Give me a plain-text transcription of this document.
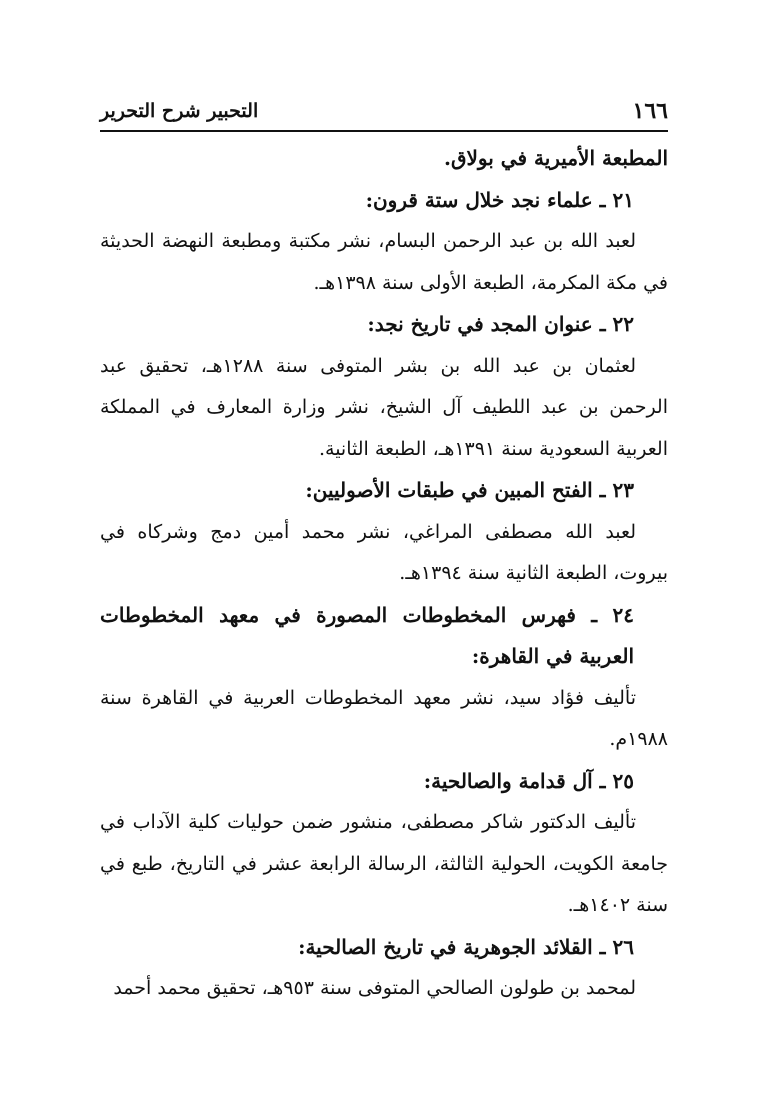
١٦٦
التحبير شرح التحرير

المطبعة الأميرية في بولاق.

٢١ ـ علماء نجد خلال ستة قرون:

لعبد الله بن عبد الرحمن البسام، نشر مكتبة ومطبعة النهضة الحديثة في مكة المكرمة، الطبعة الأولى سنة ١٣٩٨هـ.

٢٢ ـ عنوان المجد في تاريخ نجد:

لعثمان بن عبد الله بن بشر المتوفى سنة ١٢٨٨هـ، تحقيق عبد الرحمن بن عبد اللطيف آل الشيخ، نشر وزارة المعارف في المملكة العربية السعودية سنة ١٣٩١هـ، الطبعة الثانية.

٢٣ ـ الفتح المبين في طبقات الأصوليين:

لعبد الله مصطفى المراغي، نشر محمد أمين دمج وشركاه في بيروت، الطبعة الثانية سنة ١٣٩٤هـ.

٢٤ ـ فهرس المخطوطات المصورة في معهد المخطوطات العربية في القاهرة:

تأليف فؤاد سيد، نشر معهد المخطوطات العربية في القاهرة سنة ١٩٨٨م.

٢٥ ـ آل قدامة والصالحية:

تأليف الدكتور شاكر مصطفى، منشور ضمن حوليات كلية الآداب في جامعة الكويت، الحولية الثالثة، الرسالة الرابعة عشر في التاريخ، طبع في سنة ١٤٠٢هـ.

٢٦ ـ القلائد الجوهرية في تاريخ الصالحية:

لمحمد بن طولون الصالحي المتوفى سنة ٩٥٣هـ، تحقيق محمد أحمد
